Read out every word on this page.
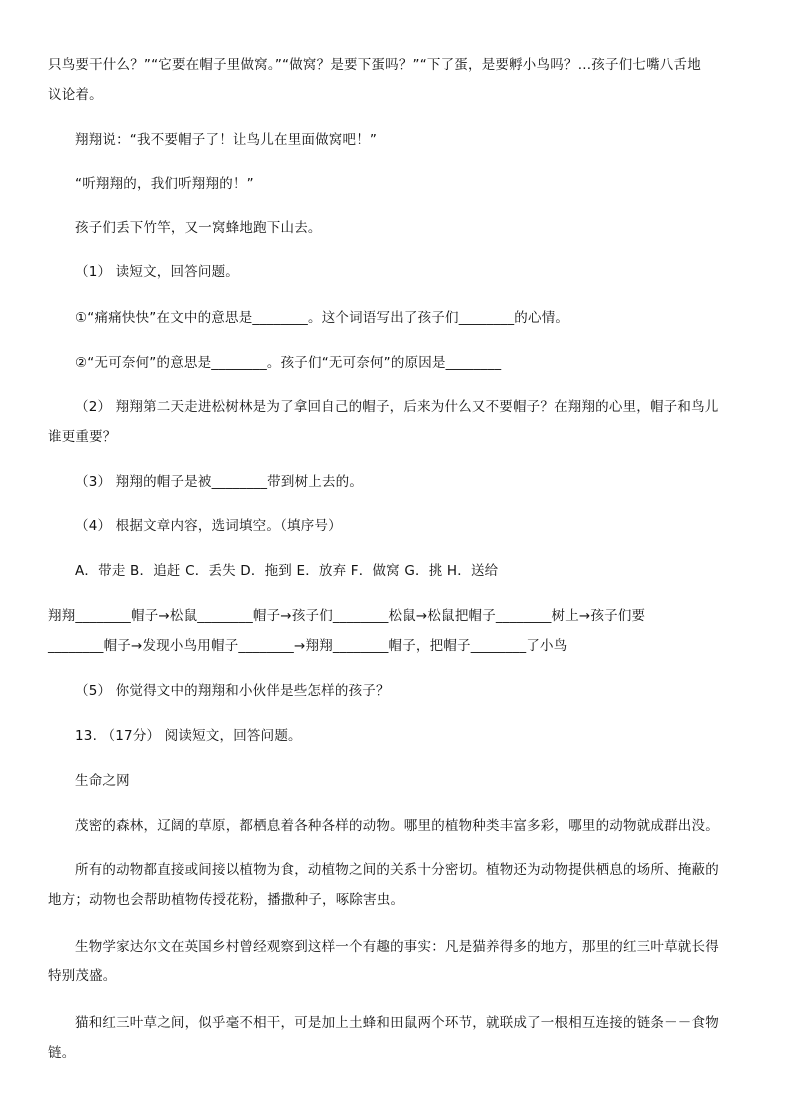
只鸟要干什么？”“它要在帽子里做窝。”“做窝？是要下蛋吗？”“下了蛋，是要孵小鸟吗？…孩子们七嘴八舌地
议论着。
翔翔说：“我不要帽子了！让鸟儿在里面做窝吧！”
“听翔翔的，我们听翔翔的！”
孩子们丢下竹竿，又一窝蜂地跑下山去。
（1） 读短文，回答问题。
①“痛痛快快”在文中的意思是________。这个词语写出了孩子们________的心情。
②“无可奈何”的意思是________。孩子们“无可奈何”的原因是________
（2） 翔翔第二天走进松树林是为了拿回自己的帽子，后来为什么又不要帽子？在翔翔的心里，帽子和鸟儿
谁更重要？
（3） 翔翔的帽子是被________带到树上去的。
（4） 根据文章内容，选词填空。（填序号）
A．带走 B．追赶 C．丢失 D．拖到 E．放弃 F．做窝 G．挑 H．送给
翔翔________帽子→松鼠________帽子→孩子们________松鼠→松鼠把帽子________树上→孩子们要
________帽子→发现小鸟用帽子________→翔翔________帽子，把帽子________了小鸟
（5） 你觉得文中的翔翔和小伙伴是些怎样的孩子？
13. （17分） 阅读短文，回答问题。
生命之网
茂密的森林，辽阔的草原，都栖息着各种各样的动物。哪里的植物种类丰富多彩，哪里的动物就成群出没。
所有的动物都直接或间接以植物为食，动植物之间的关系十分密切。植物还为动物提供栖息的场所、掩蔽的
地方；动物也会帮助植物传授花粉，播撒种子，啄除害虫。
生物学家达尔文在英国乡村曾经观察到这样一个有趣的事实：凡是猫养得多的地方，那里的红三叶草就长得
特别茂盛。
猫和红三叶草之间，似乎毫不相干，可是加上土蜂和田鼠两个环节，就联成了一根相互连接的链条－－食物
链。
